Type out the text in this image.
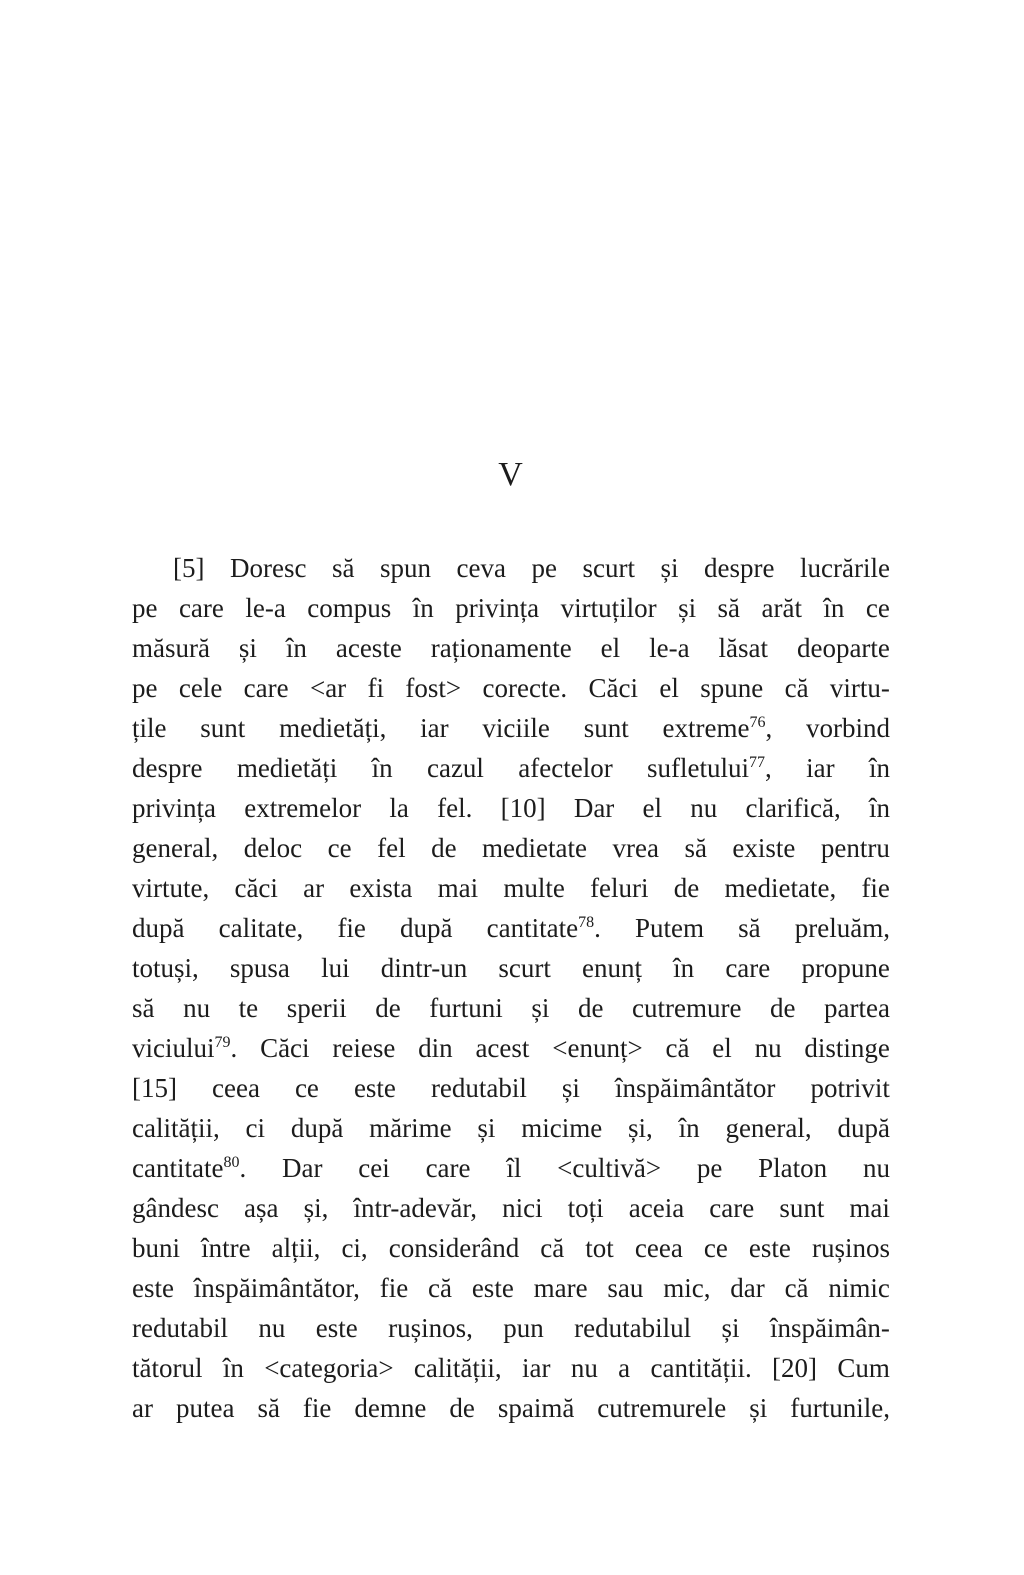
V
[5] Doresc să spun ceva pe scurt și despre lucrările
pe care le-a compus în privința virtuților și să arăt în ce
măsură și în aceste raționamente el le-a lăsat deoparte
pe cele care <ar fi fost> corecte. Căci el spune că virtu-
țile sunt medietăți, iar viciile sunt extreme$^{76}$, vorbind
despre medietăți în cazul afectelor sufletului$^{77}$, iar în
privința extremelor la fel. [10] Dar el nu clarifică, în
general, deloc ce fel de medietate vrea să existe pentru
virtute, căci ar exista mai multe feluri de medietate, fie
după calitate, fie după cantitate$^{78}$. Putem să preluăm,
totuși, spusa lui dintr-un scurt enunț în care propune
să nu te sperii de furtuni și de cutremure de partea
viciului$^{79}$. Căci reiese din acest <enunț> că el nu distinge
[15] ceea ce este redutabil și înspăimântător potrivit
calității, ci după mărime și micime și, în general, după
cantitate$^{80}$. Dar cei care îl <cultivă> pe Platon nu
gândesc așa și, într-adevăr, nici toți aceia care sunt mai
buni între alții, ci, considerând că tot ceea ce este rușinos
este înspăimântător, fie că este mare sau mic, dar că nimic
redutabil nu este rușinos, pun redutabilul și înspăimân-
tătorul în <categoria> calității, iar nu a cantității. [20] Cum
ar putea să fie demne de spaimă cutremurele și furtunile,
